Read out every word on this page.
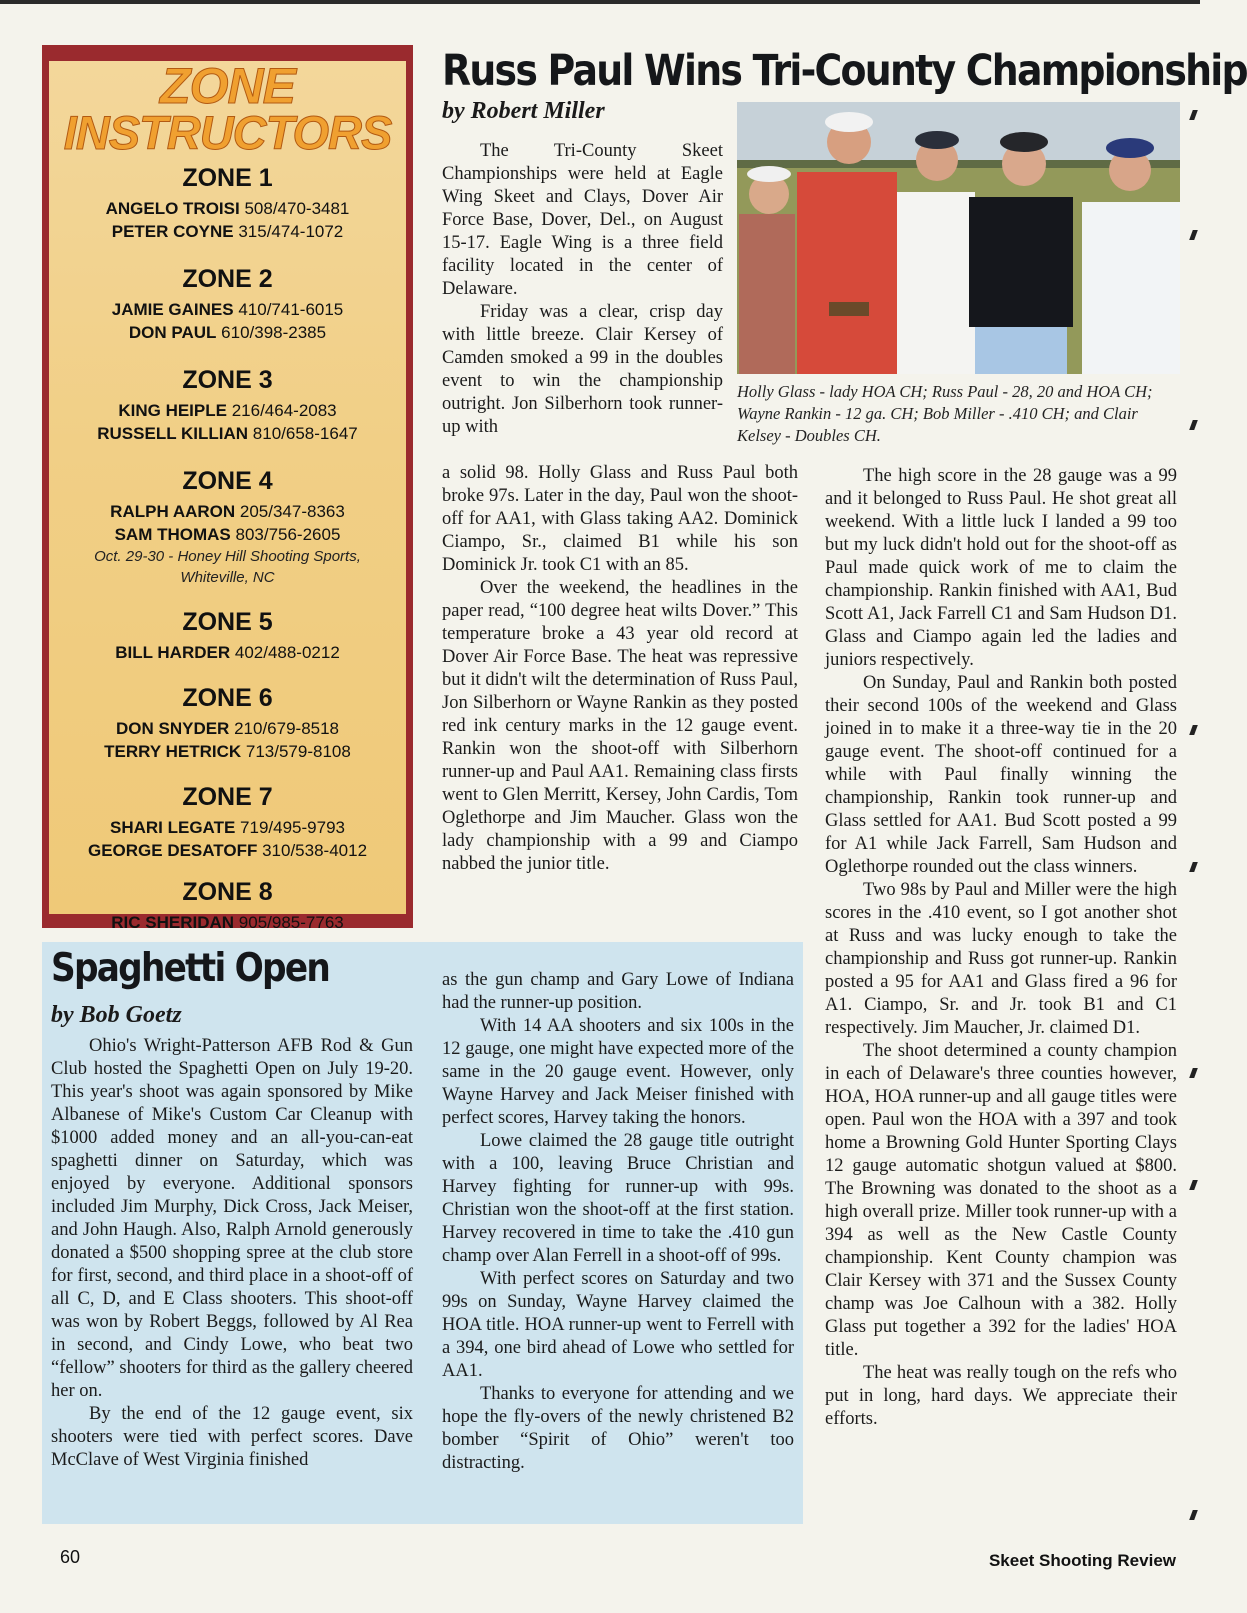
ZONE
INSTRUCTORS
ZONE 1
ANGELO TROISI 508/470-3481
PETER COYNE 315/474-1072
ZONE 2
JAMIE GAINES 410/741-6015
DON PAUL 610/398-2385
ZONE 3
KING HEIPLE 216/464-2083
RUSSELL KILLIAN 810/658-1647
ZONE 4
RALPH AARON 205/347-8363
SAM THOMAS 803/756-2605
Oct. 29-30 - Honey Hill Shooting Sports,
Whiteville, NC
ZONE 5
BILL HARDER 402/488-0212
ZONE 6
DON SNYDER 210/679-8518
TERRY HETRICK 713/579-8108
ZONE 7
SHARI LEGATE 719/495-9793
GEORGE DESATOFF 310/538-4012
ZONE 8
RIC SHERIDAN 905/985-7763
Russ Paul Wins Tri-County Championship
by Robert Miller
Holly Glass - lady HOA CH; Russ Paul - 28, 20 and HOA CH; Wayne Rankin - 12 ga. CH; Bob Miller - .410 CH; and Clair Kelsey - Doubles CH.

The Tri-County Skeet Championships were held at Eagle Wing Skeet and Clays, Dover Air Force Base, Dover, Del., on August 15-17. Eagle Wing is a three field facility located in the center of Delaware.

Friday was a clear, crisp day with little breeze. Clair Kersey of Camden smoked a 99 in the doubles event to win the championship outright. Jon Silberhorn took runner-up with

a solid 98. Holly Glass and Russ Paul both broke 97s. Later in the day, Paul won the shoot-off for AA1, with Glass taking AA2. Dominick Ciampo, Sr., claimed B1 while his son Dominick Jr. took C1 with an 85.

Over the weekend, the headlines in the paper read, “100 degree heat wilts Dover.” This temperature broke a 43 year old record at Dover Air Force Base. The heat was repressive but it didn't wilt the determination of Russ Paul, Jon Silberhorn or Wayne Rankin as they posted red ink century marks in the 12 gauge event. Rankin won the shoot-off with Silberhorn runner-up and Paul AA1. Remaining class firsts went to Glen Merritt, Kersey, John Cardis, Tom Oglethorpe and Jim Maucher. Glass won the lady championship with a 99 and Ciampo nabbed the junior title.

The high score in the 28 gauge was a 99 and it belonged to Russ Paul. He shot great all weekend. With a little luck I landed a 99 too but my luck didn't hold out for the shoot-off as Paul made quick work of me to claim the championship. Rankin finished with AA1, Bud Scott A1, Jack Farrell C1 and Sam Hudson D1. Glass and Ciampo again led the ladies and juniors respectively.

On Sunday, Paul and Rankin both posted their second 100s of the weekend and Glass joined in to make it a three-way tie in the 20 gauge event. The shoot-off continued for a while with Paul finally winning the championship, Rankin took runner-up and Glass settled for AA1. Bud Scott posted a 99 for A1 while Jack Farrell, Sam Hudson and Oglethorpe rounded out the class winners.

Two 98s by Paul and Miller were the high scores in the .410 event, so I got another shot at Russ and was lucky enough to take the championship and Russ got runner-up. Rankin posted a 95 for AA1 and Glass fired a 96 for A1. Ciampo, Sr. and Jr. took B1 and C1 respectively. Jim Maucher, Jr. claimed D1.

The shoot determined a county champion in each of Delaware's three counties however, HOA, HOA runner-up and all gauge titles were open. Paul won the HOA with a 397 and took home a Browning Gold Hunter Sporting Clays 12 gauge automatic shotgun valued at $800. The Browning was donated to the shoot as a high overall prize. Miller took runner-up with a 394 as well as the New Castle County championship. Kent County champion was Clair Kersey with 371 and the Sussex County champ was Joe Calhoun with a 382. Holly Glass put together a 392 for the ladies' HOA title.

The heat was really tough on the refs who put in long, hard days. We appreciate their efforts.

Spaghetti Open
by Bob Goetz

Ohio's Wright-Patterson AFB Rod & Gun Club hosted the Spaghetti Open on July 19-20. This year's shoot was again sponsored by Mike Albanese of Mike's Custom Car Cleanup with $1000 added money and an all-you-can-eat spaghetti dinner on Saturday, which was enjoyed by everyone. Additional sponsors included Jim Murphy, Dick Cross, Jack Meiser, and John Haugh. Also, Ralph Arnold generously donated a $500 shopping spree at the club store for first, second, and third place in a shoot-off of all C, D, and E Class shooters. This shoot-off was won by Robert Beggs, followed by Al Rea in second, and Cindy Lowe, who beat two “fellow” shooters for third as the gallery cheered her on.

By the end of the 12 gauge event, six shooters were tied with perfect scores. Dave McClave of West Virginia finished

as the gun champ and Gary Lowe of Indiana had the runner-up position.

With 14 AA shooters and six 100s in the 12 gauge, one might have expected more of the same in the 20 gauge event. However, only Wayne Harvey and Jack Meiser finished with perfect scores, Harvey taking the honors.

Lowe claimed the 28 gauge title outright with a 100, leaving Bruce Christian and Harvey fighting for runner-up with 99s. Christian won the shoot-off at the first station. Harvey recovered in time to take the .410 gun champ over Alan Ferrell in a shoot-off of 99s.

With perfect scores on Saturday and two 99s on Sunday, Wayne Harvey claimed the HOA title. HOA runner-up went to Ferrell with a 394, one bird ahead of Lowe who settled for AA1.

Thanks to everyone for attending and we hope the fly-overs of the newly christened B2 bomber “Spirit of Ohio” weren't too distracting.

60	Skeet Shooting Review
